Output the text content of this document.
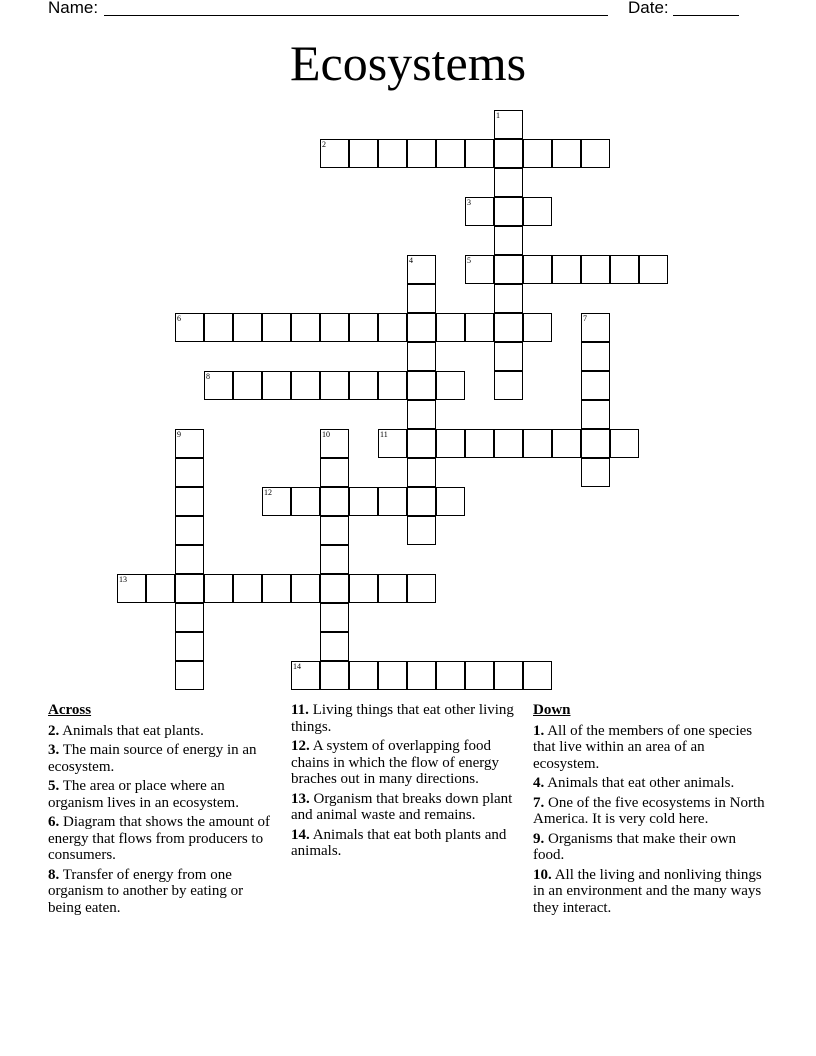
Name:	Date:
Ecosystems
1
2
3
4	5
6	7
8
9	10	11
12
13
14
Across
2. Animals that eat plants.
3. The main source of energy in an ecosystem.
5. The area or place where an organism lives in an ecosystem.
6. Diagram that shows the amount of energy that flows from producers to consumers.
8. Transfer of energy from one organism to another by eating or being eaten.
11. Living things that eat other living things.
12. A system of overlapping food chains in which the flow of energy braches out in many directions.
13. Organism that breaks down plant and animal waste and remains.
14. Animals that eat both plants and animals.
Down
1. All of the members of one species that live within an area of an ecosystem.
4. Animals that eat other animals.
7. One of the five ecosystems in North America. It is very cold here.
9. Organisms that make their own food.
10. All the living and nonliving things in an environment and the many ways they interact.
